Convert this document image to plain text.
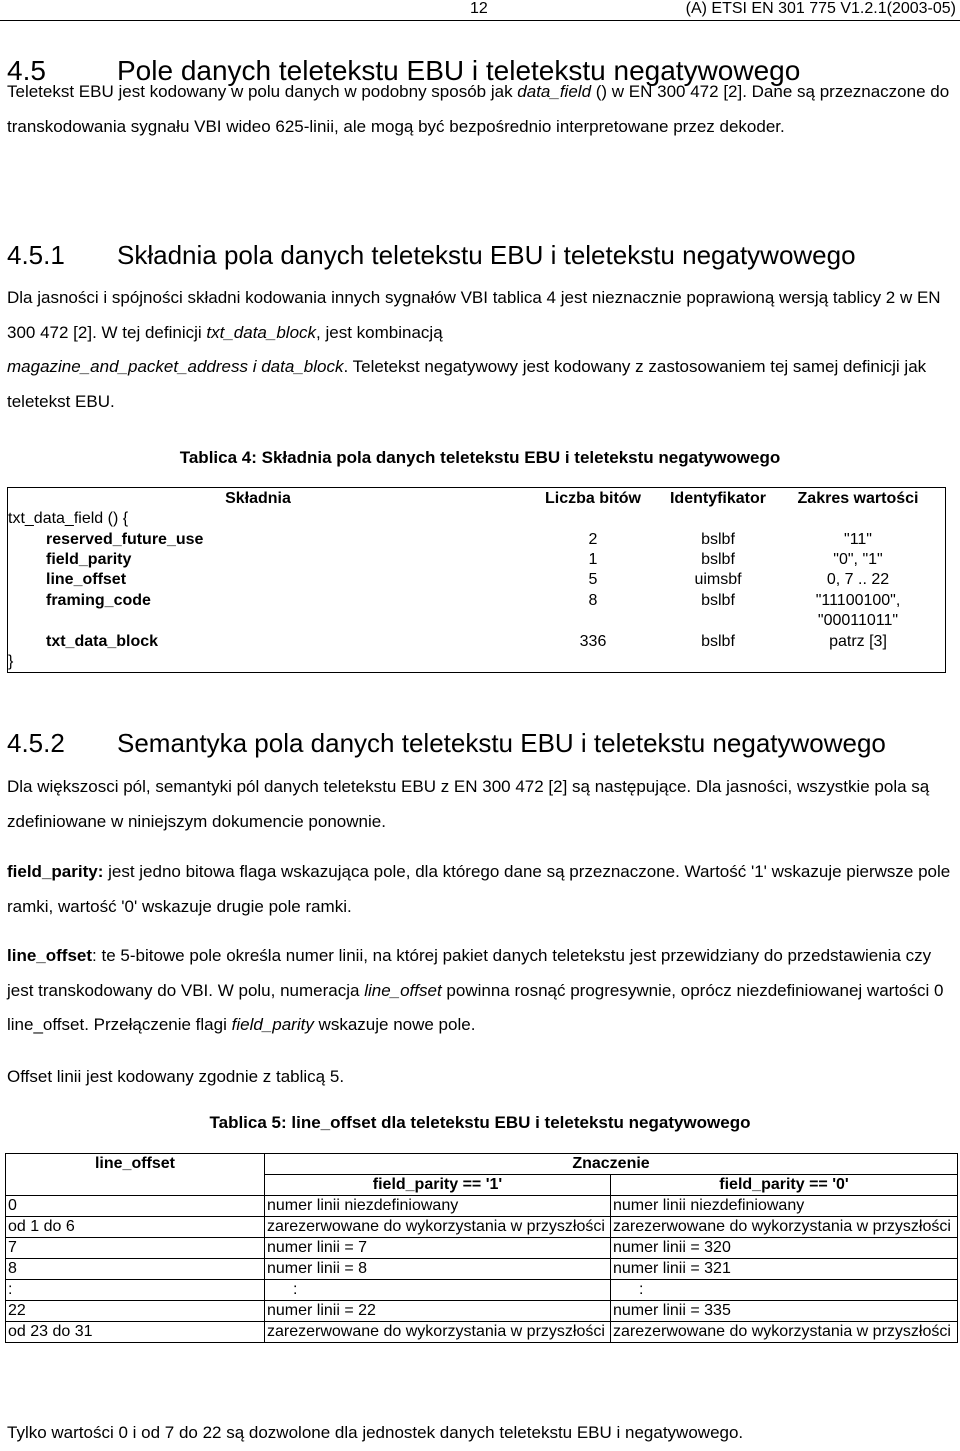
12	(A) ETSI EN 301 775 V1.2.1(2003-05)
4.5	Pole danych teletekstu EBU i teletekstu negatywowego

Teletekst EBU jest kodowany w polu danych w podobny sposób jak data_field () w EN 300 472 [2]. Dane są przeznaczone do transkodowania sygnału VBI wideo 625-linii, ale mogą być bezpośrednio interpretowane przez dekoder.

4.5.1 Składnia pola danych teletekstu EBU i teletekstu negatywowego

Dla jasności i spójności składni kodowania innych sygnałów VBI tablica 4 jest nieznacznie poprawioną wersją tablicy 2 w EN 300 472 [2]. W tej definicji txt_data_block, jest kombinacją
magazine_and_packet_address i data_block. Teletekst negatywowy jest kodowany z zastosowaniem tej samej definicji jak teletekst EBU.

Tablica 4: Składnia pola danych teletekstu EBU i teletekstu negatywowego

Składnia	Liczba bitów	Identyfikator	Zakres wartości
txt_data_field () {
reserved_future_use	2	bslbf	"11"
field_parity	1	bslbf	"0", "1"
line_offset	5	uimsbf	0, 7 .. 22
framing_code	8	bslbf	"11100100",
"00011011"
txt_data_block	336	bslbf	patrz [3]
}
4.5.2 Semantyka pola danych teletekstu EBU i teletekstu negatywowego

Dla większosci pól, semantyki pól danych teletekstu EBU z EN 300 472 [2] są następujące. Dla jasności, wszystkie pola są zdefiniowane w niniejszym dokumencie ponownie.

field_parity: jest jedno bitowa flaga wskazująca pole, dla którego dane są przeznaczone. Wartość '1' wskazuje pierwsze pole ramki, wartość '0' wskazuje drugie pole ramki.

line_offset: te 5-bitowe pole określa numer linii, na której pakiet danych teletekstu jest przewidziany do przedstawienia czy jest transkodowany do VBI. W polu, numeracja line_offset powinna rosnąć progresywnie, oprócz niezdefiniowanej wartości 0 line_offset. Przełączenie flagi field_parity wskazuje nowe pole.

Offset linii jest kodowany zgodnie z tablicą 5.

Tablica 5: line_offset dla teletekstu EBU i teletekstu negatywowego

line_offset	Znaczenie	
	field_parity == '1'	field_parity == '0'
0	numer linii niezdefiniowany	numer linii niezdefiniowany
od 1 do 6	zarezerwowane do wykorzystania w przyszłości	zarezerwowane do wykorzystania w przyszłości
7	numer linii = 7	numer linii = 320
8	numer linii = 8	numer linii = 321
:	:	:
22	numer linii = 22	numer linii = 335
od 23 do 31	zarezerwowane do wykorzystania w przyszłości	zarezerwowane do wykorzystania w przyszłości

Tylko wartości 0 i od 7 do 22 są dozwolone dla jednostek danych teletekstu EBU i negatywowego.
